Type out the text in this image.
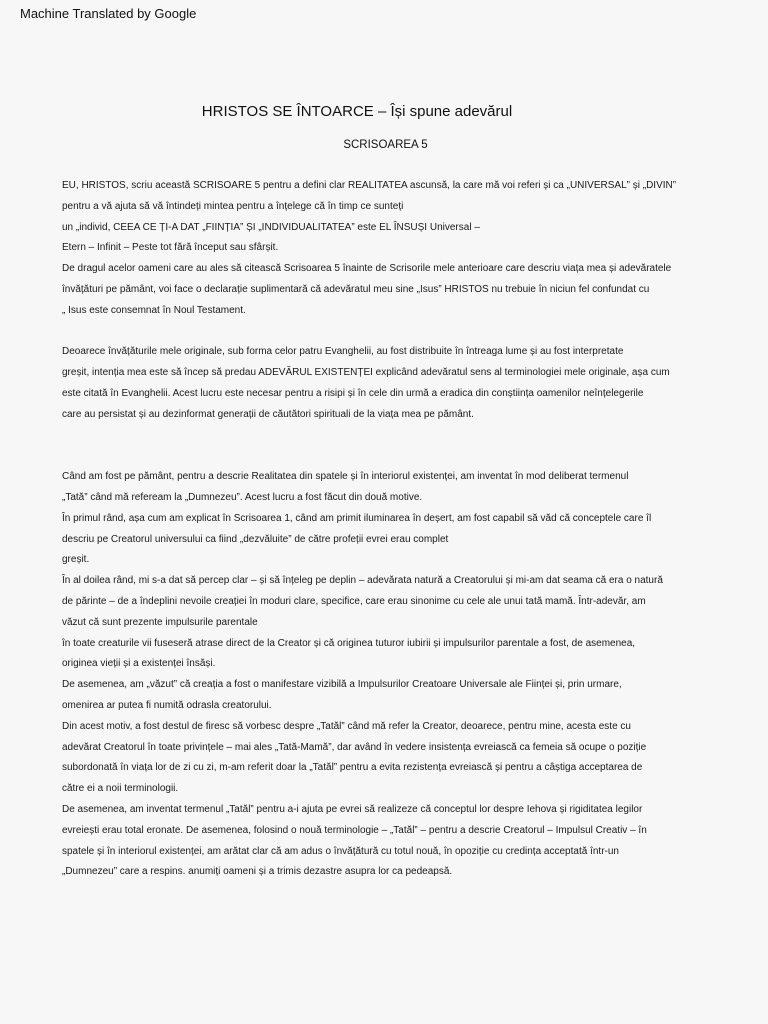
Machine Translated by Google
HRISTOS SE ÎNTOARCE – Își spune adevărul
SCRISOAREA 5
EU, HRISTOS, scriu această SCRISOARE 5 pentru a defini clar REALITATEA ascunsă, la care mă voi referi și ca „UNIVERSAL” și „DIVIN”
pentru a vă ajuta să vă întindeți mintea pentru a înțelege că în timp ce sunteți
un „individ, CEEA CE ȚI-A DAT „FIINȚIA” ȘI „INDIVIDUALITATEA” este EL ÎNSUȘI Universal –
Etern – Infinit – Peste tot fără început sau sfârșit.
De dragul acelor oameni care au ales să citească Scrisoarea 5 înainte de Scrisorile mele anterioare care descriu viața mea și adevăratele
învățături pe pământ, voi face o declarație suplimentară că adevăratul meu sine „Isus” HRISTOS nu trebuie în niciun fel confundat cu
„ Isus este consemnat în Noul Testament.
Deoarece învățăturile mele originale, sub forma celor patru Evanghelii, au fost distribuite în întreaga lume și au fost interpretate
greșit, intenția mea este să încep să predau ADEVĂRUL EXISTENȚEI explicând adevăratul sens al terminologiei mele originale, așa cum
este citată în Evanghelii. Acest lucru este necesar pentru a risipi și în cele din urmă a eradica din conștiința oamenilor neînțelegerile
care au persistat și au dezinformat generații de căutători spirituali de la viața mea pe pământ.
Când am fost pe pământ, pentru a descrie Realitatea din spatele și în interiorul existenței, am inventat în mod deliberat termenul
„Tată” când mă refeream la „Dumnezeu”. Acest lucru a fost făcut din două motive.
În primul rând, așa cum am explicat în Scrisoarea 1, când am primit iluminarea în deșert, am fost capabil să văd că conceptele care îl
descriu pe Creatorul universului ca fiind „dezvăluite” de către profeții evrei erau complet
greșit.
În al doilea rând, mi s-a dat să percep clar – și să înțeleg pe deplin – adevărata natură a Creatorului și mi-am dat seama că era o natură
de părinte – de a îndeplini nevoile creației în moduri clare, specifice, care erau sinonime cu cele ale unui tată mamă. Într-adevăr, am
văzut că sunt prezente impulsurile parentale
în toate creaturile vii fuseseră atrase direct de la Creator și că originea tuturor iubirii și impulsurilor parentale a fost, de asemenea,
originea vieții și a existenței însăși.
De asemenea, am „văzut” că creația a fost o manifestare vizibilă a Impulsurilor Creatoare Universale ale Ființei și, prin urmare,
omenirea ar putea fi numită odrasla creatorului.
Din acest motiv, a fost destul de firesc să vorbesc despre „Tatăl” când mă refer la Creator, deoarece, pentru mine, acesta este cu
adevărat Creatorul în toate privințele – mai ales „Tată-Mamă”, dar având în vedere insistența evreiască ca femeia să ocupe o poziție
subordonată în viața lor de zi cu zi, m-am referit doar la „Tatăl” pentru a evita rezistența evreiască și pentru a câștiga acceptarea de
către ei a noii terminologii.
De asemenea, am inventat termenul „Tatăl” pentru a-i ajuta pe evrei să realizeze că conceptul lor despre Iehova și rigiditatea legilor
evreiești erau total eronate. De asemenea, folosind o nouă terminologie – „Tatăl” – pentru a descrie Creatorul – Impulsul Creativ – în
spatele și în interiorul existenței, am arătat clar că am adus o învățătură cu totul nouă, în opoziție cu credința acceptată într-un
„Dumnezeu” care a respins. anumiți oameni și a trimis dezastre asupra lor ca pedeapsă.
